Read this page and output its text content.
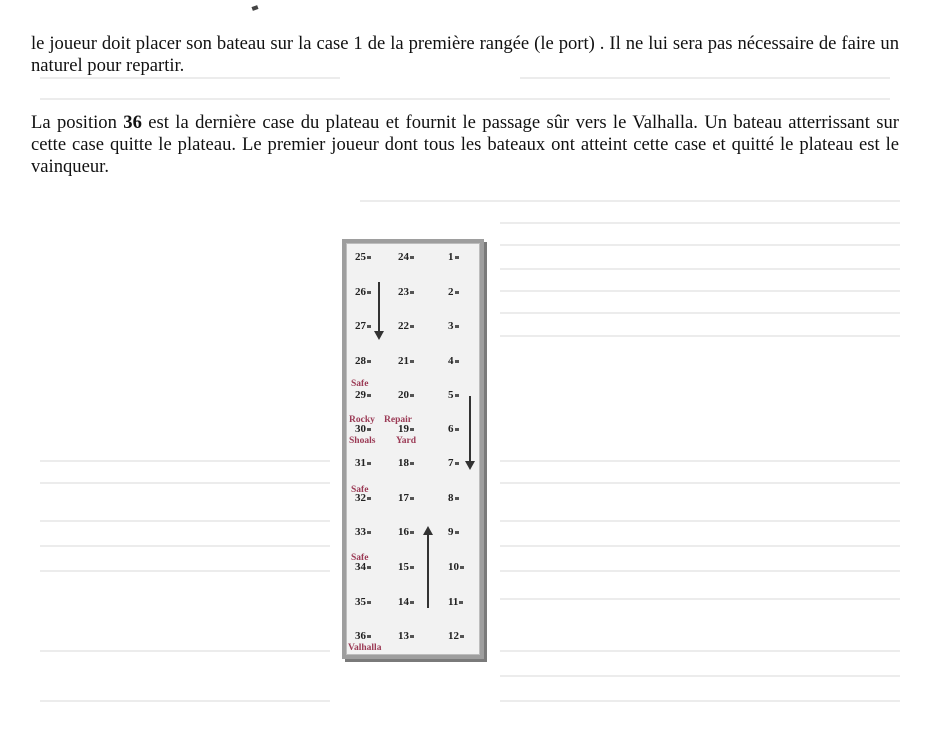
le joueur doit placer son bateau sur la case 1 de la première rangée (le port) . Il ne lui sera pas nécessaire de faire un naturel pour repartir.

La position 36 est la dernière case du plateau et fournit le passage sûr vers le Valhalla. Un bateau atterrissant sur cette case quitte le plateau. Le premier joueur dont tous les bateaux ont atteint cette case et quitté le plateau est le vainqueur.

Safe
Rocky Repair
Shoals Yard
Safe
Safe
Valhalla
25
26
27
28
29
30
31
32
33
34
35
36
24
23
22
21
20
19
18
17
16
15
14
13
1
2
3
4
5
6
7
8
9
10
11
12
